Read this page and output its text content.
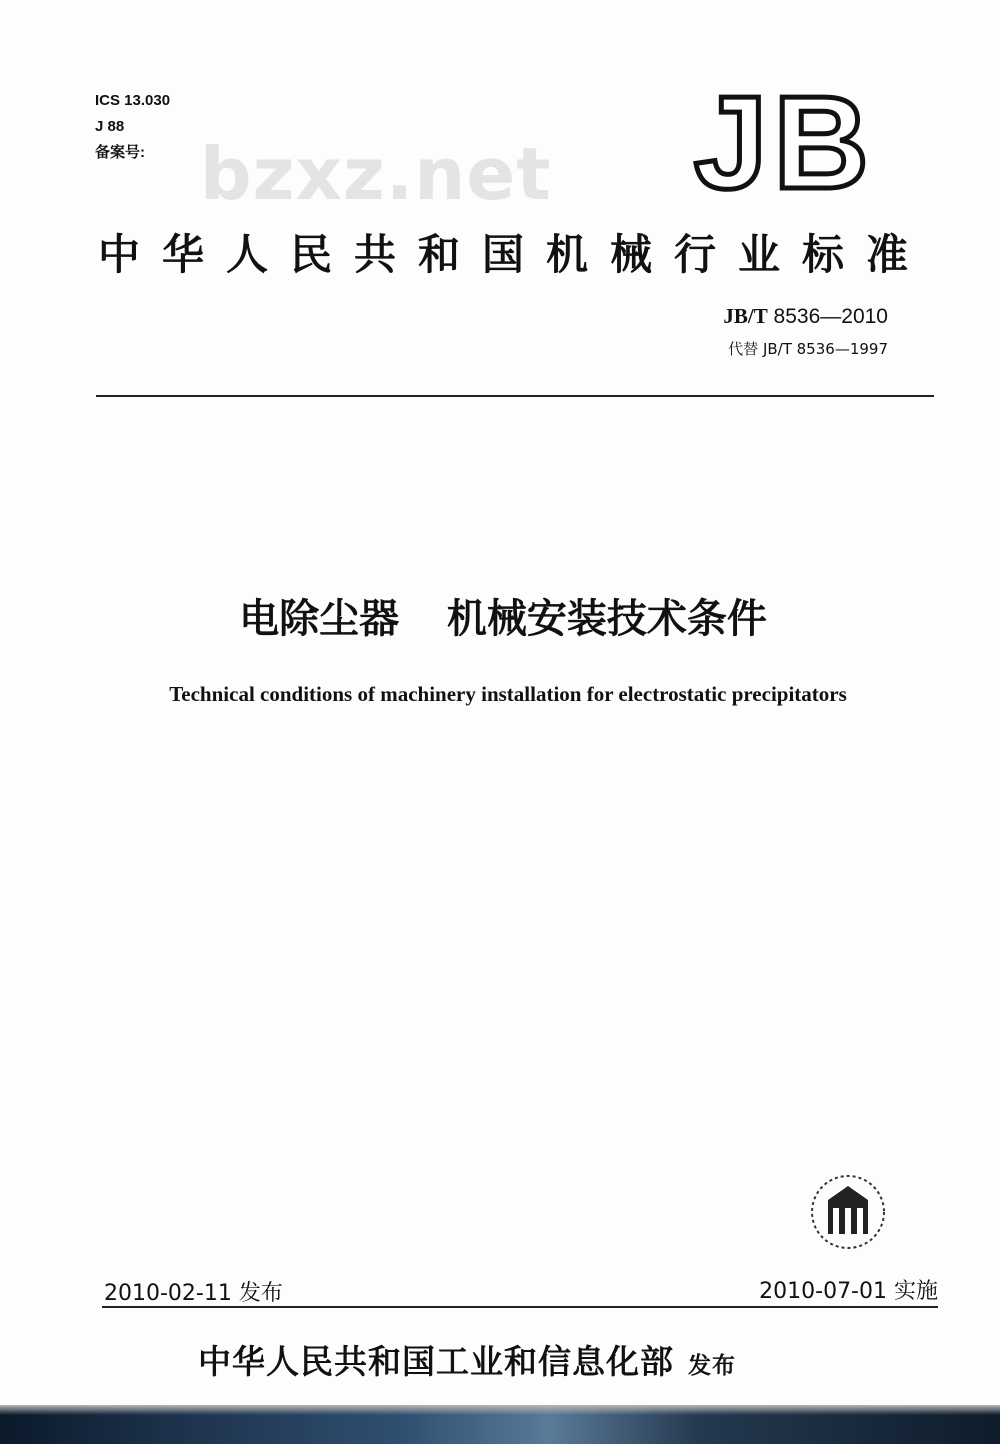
ICS 13.030
J 88
备案号: bzxz.net JB
中华人民共和国机械行业标准
JB/T 8536—2010
代替 JB/T 8536—1997
电除尘器 机械安装技术条件
Technical conditions of machinery installation for electrostatic precipitators
2010-02-11 发布	2010-07-01 实施
中华人民共和国工业和信息化部 发布
